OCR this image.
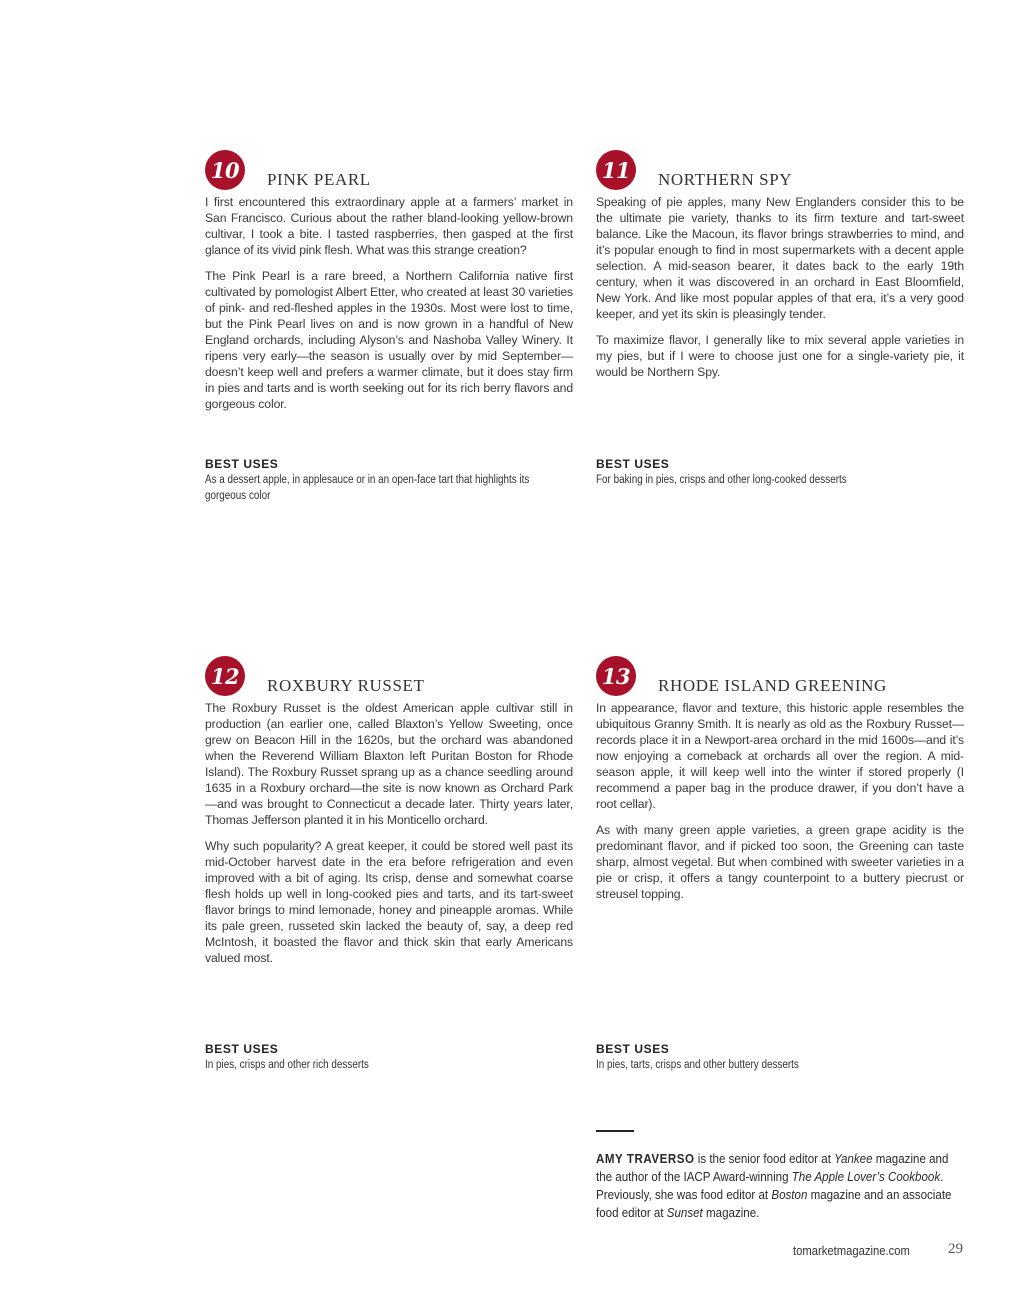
10	PINK PEARL

I first encountered this extraordinary apple at a farmers’ market in San Francisco. Curious about the rather bland-looking yellow-brown cultivar, I took a bite. I tasted raspberries, then gasped at the first glance of its vivid pink flesh. What was this strange creation?

The Pink Pearl is a rare breed, a Northern California native first cultivated by pomologist Albert Etter, who created at least 30 varieties of pink- and red-fleshed apples in the 1930s. Most were lost to time, but the Pink Pearl lives on and is now grown in a handful of New England orchards, including Alyson’s and Nashoba Valley Winery. It ripens very early—the season is usually over by mid September—doesn’t keep well and prefers a warmer climate, but it does stay firm in pies and tarts and is worth seeking out for its rich berry flavors and gorgeous color.

BEST USES
As a dessert apple, in applesauce or in an open-face tart that highlights its gorgeous color
11	NORTHERN SPY

Speaking of pie apples, many New Englanders consider this to be the ultimate pie variety, thanks to its firm texture and tart-sweet balance. Like the Macoun, its flavor brings strawberries to mind, and it’s popular enough to find in most supermarkets with a decent apple selection. A mid-season bearer, it dates back to the early 19th century, when it was discovered in an orchard in East Bloomfield, New York. And like most popular apples of that era, it’s a very good keeper, and yet its skin is pleasingly tender.

To maximize flavor, I generally like to mix several apple varieties in my pies, but if I were to choose just one for a single-variety pie, it would be Northern Spy.

BEST USES
For baking in pies, crisps and other long-cooked desserts
12	ROXBURY RUSSET

The Roxbury Russet is the oldest American apple cultivar still in production (an earlier one, called Blaxton’s Yellow Sweeting, once grew on Beacon Hill in the 1620s, but the orchard was abandoned when the Reverend William Blaxton left Puritan Boston for Rhode Island). The Roxbury Russet sprang up as a chance seedling around 1635 in a Roxbury orchard—the site is now known as Orchard Park—and was brought to Connecticut a decade later. Thirty years later, Thomas Jefferson planted it in his Monticello orchard.

Why such popularity? A great keeper, it could be stored well past its mid-October harvest date in the era before refrigeration and even improved with a bit of aging. Its crisp, dense and somewhat coarse flesh holds up well in long-cooked pies and tarts, and its tart-sweet flavor brings to mind lemonade, honey and pineapple aromas. While its pale green, russeted skin lacked the beauty of, say, a deep red McIntosh, it boasted the flavor and thick skin that early Americans valued most.

BEST USES
In pies, crisps and other rich desserts
13	RHODE ISLAND GREENING

In appearance, flavor and texture, this historic apple resembles the ubiquitous Granny Smith. It is nearly as old as the Roxbury Russet—records place it in a Newport-area orchard in the mid 1600s—and it’s now enjoying a comeback at orchards all over the region. A mid-season apple, it will keep well into the winter if stored properly (I recommend a paper bag in the produce drawer, if you don’t have a root cellar).

As with many green apple varieties, a green grape acidity is the predominant flavor, and if picked too soon, the Greening can taste sharp, almost vegetal. But when combined with sweeter varieties in a pie or crisp, it offers a tangy counterpoint to a buttery piecrust or streusel topping.

BEST USES
In pies, tarts, crisps and other buttery desserts
AMY TRAVERSO is the senior food editor at Yankee magazine and the author of the IACP Award-winning The Apple Lover’s Cookbook. Previously, she was food editor at Boston magazine and an associate food editor at Sunset magazine.
tomarketmagazine.com	29
